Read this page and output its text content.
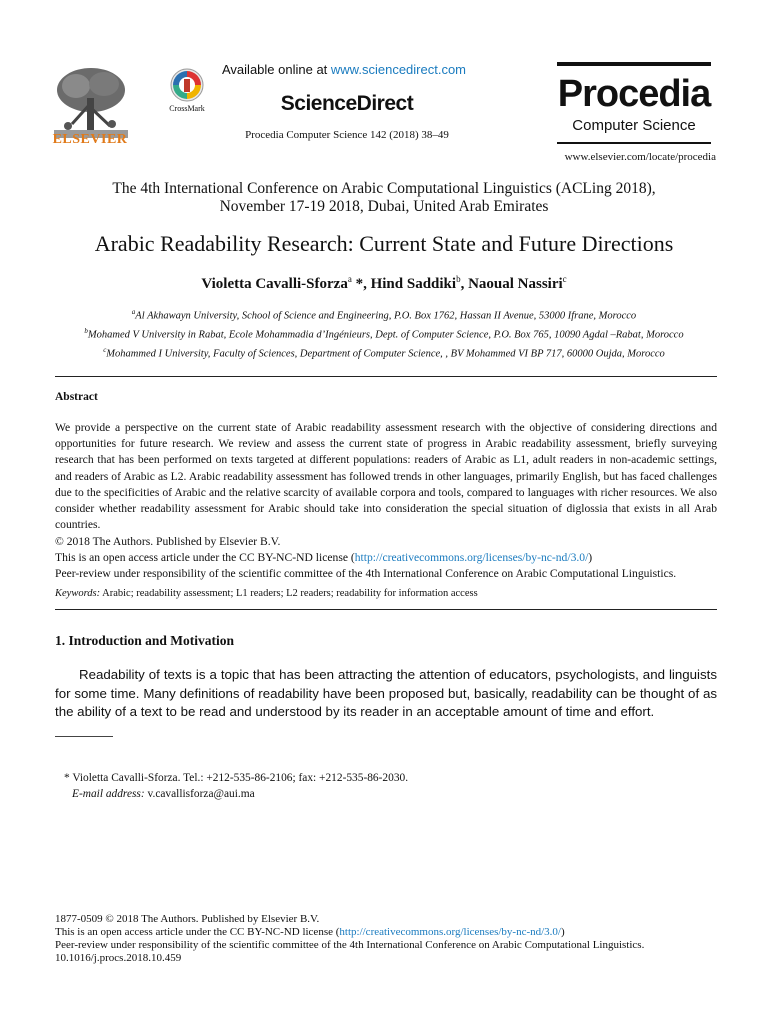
ELSEVIER
CrossMark
Available online at www.sciencedirect.com
ScienceDirect
Procedia Computer Science 142 (2018) 38–49
Procedia
Computer Science
www.elsevier.com/locate/procedia
The 4th International Conference on Arabic Computational Linguistics (ACLing 2018),
November 17-19 2018, Dubai, United Arab Emirates
Arabic Readability Research: Current State and Future Directions
Violetta Cavalli-Sforza$^a$ *, Hind Saddiki$^b$, Naoual Nassiri$^c$
$^a$Al Akhawayn University, School of Science and Engineering, P.O. Box 1762, Hassan II Avenue, 53000 Ifrane, Morocco
$^b$Mohamed V University in Rabat, Ecole Mohammadia d’Ingénieurs, Dept. of Computer Science, P.O. Box 765, 10090 Agdal –Rabat, Morocco
$^c$Mohammed I University, Faculty of Sciences, Department of Computer Science, , BV Mohammed VI BP 717, 60000 Oujda, Morocco
Abstract
We provide a perspective on the current state of Arabic readability assessment research with the objective of considering directions and opportunities for future research. We review and assess the current state of progress in Arabic readability assessment, briefly surveying research that has been performed on texts targeted at different populations: readers of Arabic as L1, adult readers in non-academic settings, and readers of Arabic as L2. Arabic readability assessment has followed trends in other languages, primarily English, but has faced challenges due to the specificities of Arabic and the relative scarcity of available corpora and tools, compared to languages with richer resources. We also consider whether readability assessment for Arabic should take into consideration the special situation of diglossia that exists in all Arab countries.
© 2018 The Authors. Published by Elsevier B.V.
This is an open access article under the CC BY-NC-ND license (http://creativecommons.org/licenses/by-nc-nd/3.0/)
Peer-review under responsibility of the scientific committee of the 4th International Conference on Arabic Computational Linguistics.
Keywords: Arabic; readability assessment; L1 readers; L2 readers; readability for information access
1. Introduction and Motivation
Readability of texts is a topic that has been attracting the attention of educators, psychologists, and linguists for some time. Many definitions of readability have been proposed but, basically, readability can be thought of as the ability of a text to be read and understood by its reader in an acceptable amount of time and effort.
* Violetta Cavalli-Sforza. Tel.: +212-535-86-2106; fax: +212-535-86-2030.
E-mail address: v.cavallisforza@aui.ma
1877-0509 © 2018 The Authors. Published by Elsevier B.V.
This is an open access article under the CC BY-NC-ND license (http://creativecommons.org/licenses/by-nc-nd/3.0/)
Peer-review under responsibility of the scientific committee of the 4th International Conference on Arabic Computational Linguistics.
10.1016/j.procs.2018.10.459
